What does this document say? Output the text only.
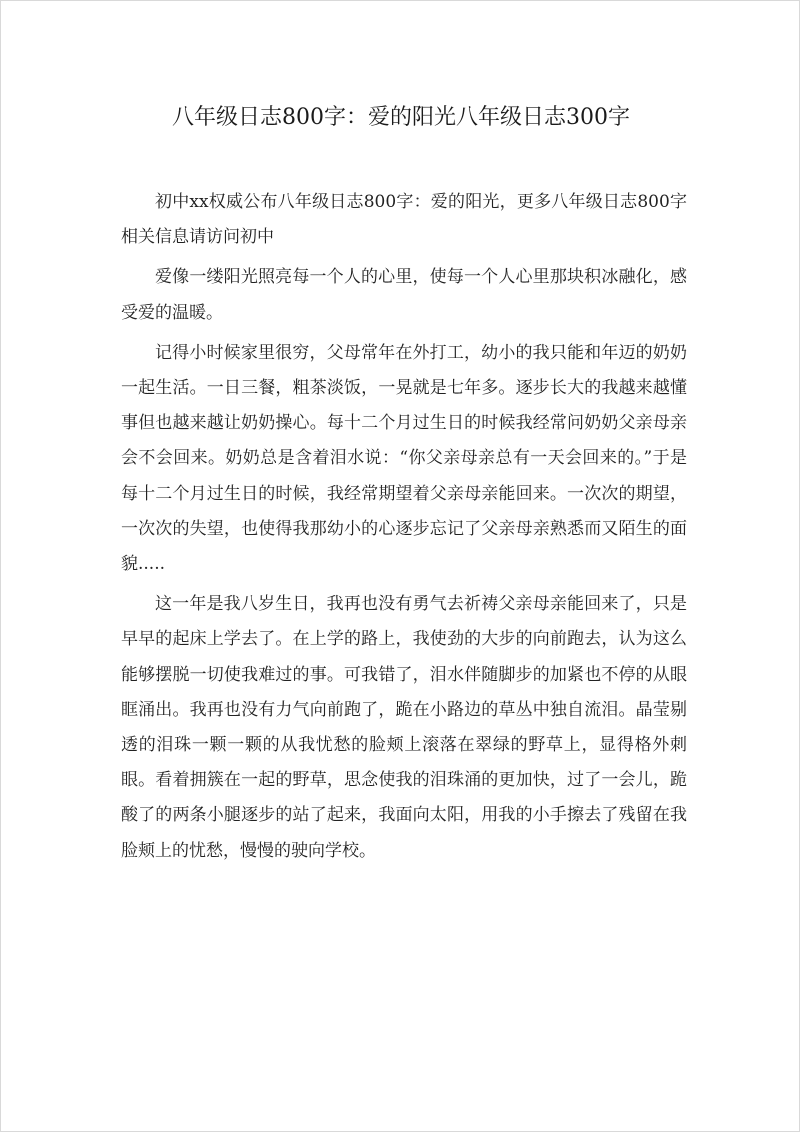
八年级日志800字：爱的阳光八年级日志300字

初中xx权威公布八年级日志800字：爱的阳光，更多八年级日志800字相关信息请访问初中

爱像一缕阳光照亮每一个人的心里，使每一个人心里那块积冰融化，感受爱的温暖。

记得小时候家里很穷，父母常年在外打工，幼小的我只能和年迈的奶奶一起生活。一日三餐，粗茶淡饭，一晃就是七年多。逐步长大的我越来越懂事但也越来越让奶奶操心。每十二个月过生日的时候我经常问奶奶父亲母亲会不会回来。奶奶总是含着泪水说：“你父亲母亲总有一天会回来的。”于是每十二个月过生日的时候，我经常期望着父亲母亲能回来。一次次的期望，一次次的失望，也使得我那幼小的心逐步忘记了父亲母亲熟悉而又陌生的面貌.....

这一年是我八岁生日，我再也没有勇气去祈祷父亲母亲能回来了，只是早早的起床上学去了。在上学的路上，我使劲的大步的向前跑去，认为这么能够摆脱一切使我难过的事。可我错了，泪水伴随脚步的加紧也不停的从眼眶涌出。我再也没有力气向前跑了，跪在小路边的草丛中独自流泪。晶莹剔透的泪珠一颗一颗的从我忧愁的脸颊上滚落在翠绿的野草上，显得格外刺眼。看着拥簇在一起的野草，思念使我的泪珠涌的更加快，过了一会儿，跪酸了的两条小腿逐步的站了起来，我面向太阳，用我的小手擦去了残留在我脸颊上的忧愁，慢慢的驶向学校。
